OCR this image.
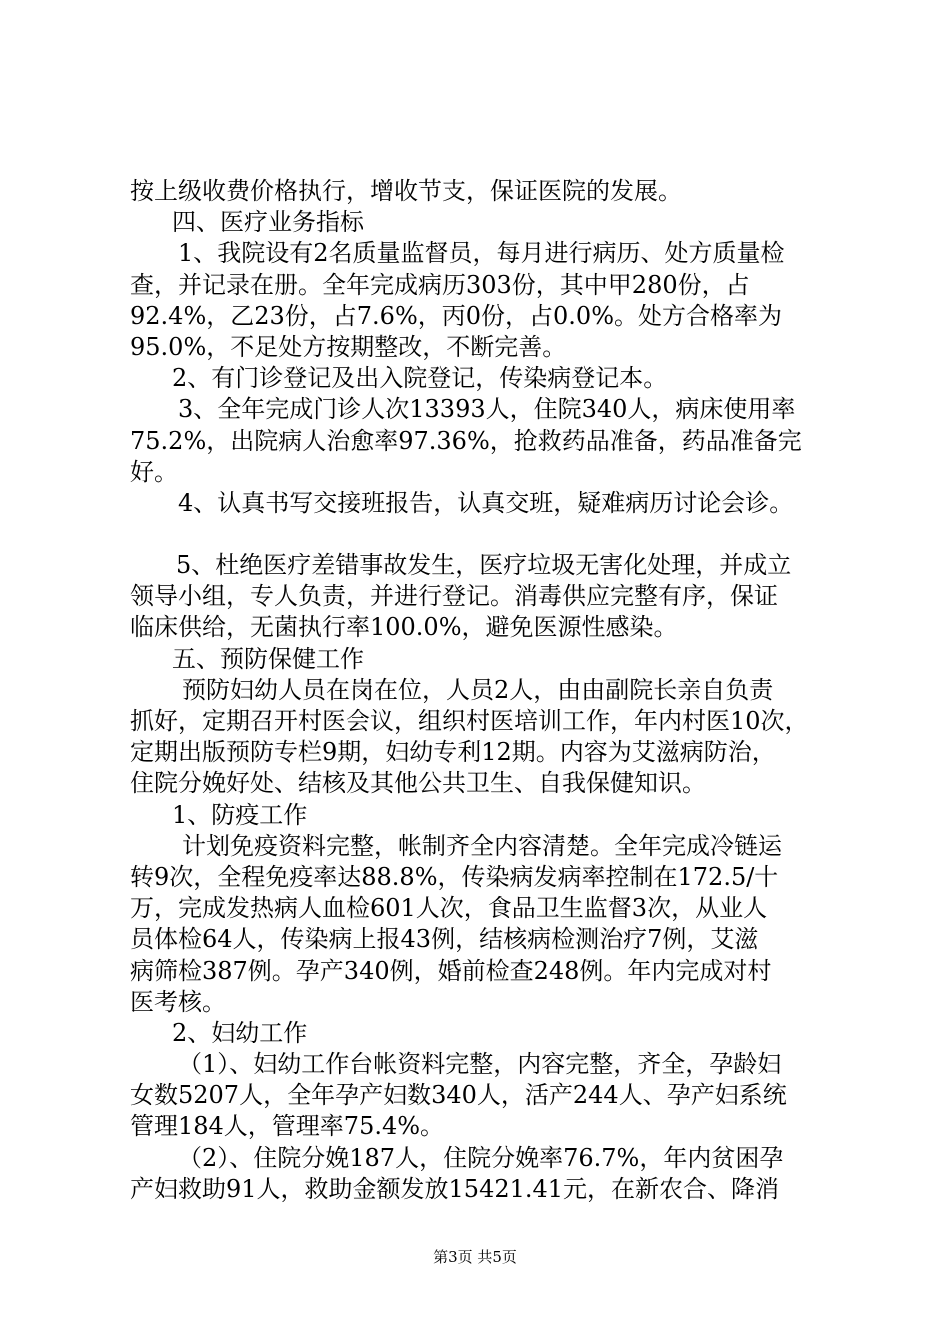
按上级收费价格执行，增收节支，保证医院的发展。
四、医疗业务指标
1、我院设有2名质量监督员，每月进行病历、处方质量检
查，并记录在册。全年完成病历303份，其中甲280份，占
92.4%，乙23份，占7.6%，丙0份，占0.0%。处方合格率为
95.0%，不足处方按期整改，不断完善。
2、有门诊登记及出入院登记，传染病登记本。
3、全年完成门诊人次13393人，住院340人，病床使用率
75.2%，出院病人治愈率97.36%，抢救药品准备，药品准备完
好。
4、认真书写交接班报告，认真交班，疑难病历讨论会诊。
5、杜绝医疗差错事故发生，医疗垃圾无害化处理，并成立
领导小组，专人负责，并进行登记。消毒供应完整有序，保证
临床供给，无菌执行率100.0%，避免医源性感染。
五、预防保健工作
预防妇幼人员在岗在位，人员2人，由由副院长亲自负责
抓好，定期召开村医会议，组织村医培训工作，年内村医10次，
定期出版预防专栏9期，妇幼专利12期。内容为艾滋病防治，
住院分娩好处、结核及其他公共卫生、自我保健知识。
1、防疫工作
计划免疫资料完整，帐制齐全内容清楚。全年完成冷链运
转9次，全程免疫率达88.8%，传染病发病率控制在172.5/十
万，完成发热病人血检601人次，食品卫生监督3次，从业人
员体检64人，传染病上报43例，结核病检测治疗7例，艾滋
病筛检387例。孕产340例，婚前检查248例。年内完成对村
医考核。
2、妇幼工作
（1）、妇幼工作台帐资料完整，内容完整，齐全，孕龄妇
女数5207人，全年孕产妇数340人，活产244人、孕产妇系统
管理184人，管理率75.4%。
（2）、住院分娩187人，住院分娩率76.7%，年内贫困孕
产妇救助91人，救助金额发放15421.41元，在新农合、降消
第3页 共5页
